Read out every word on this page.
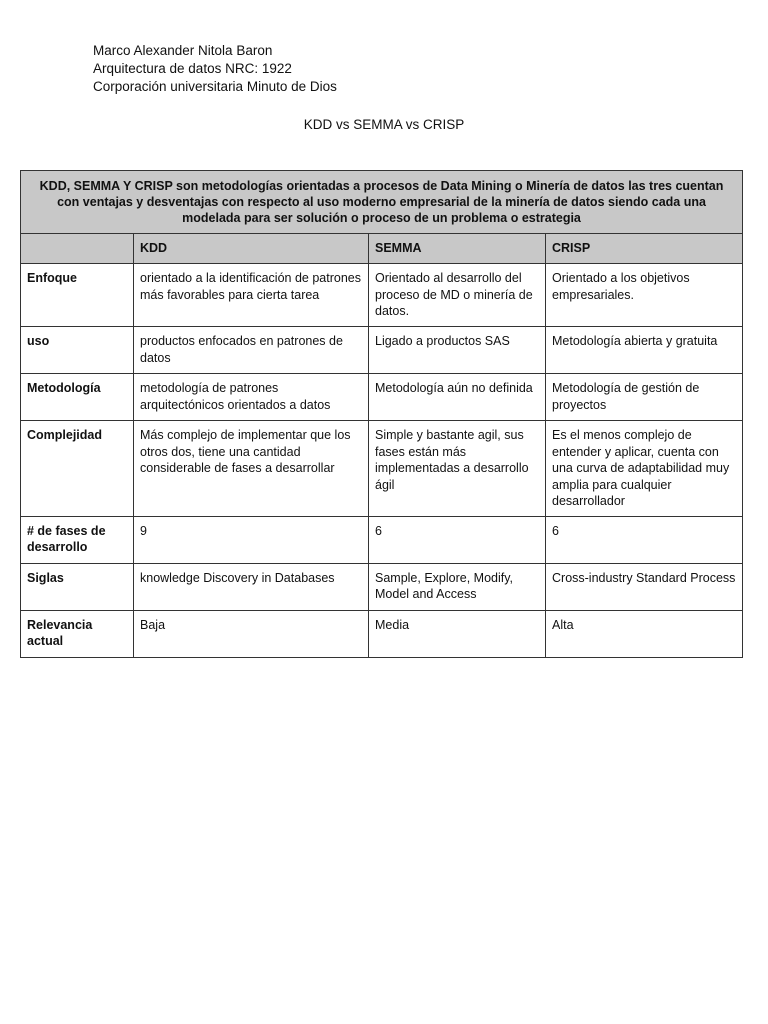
Marco Alexander Nitola Baron
Arquitectura de datos NRC: 1922
Corporación universitaria Minuto de Dios
KDD vs SEMMA vs CRISP
KDD, SEMMA Y CRISP son metodologías orientadas a procesos de Data Mining o Minería de datos las tres cuentan con ventajas y desventajas con respecto al uso moderno empresarial de la minería de datos siendo cada una modelada para ser solución o proceso de un problema o estrategia			
	KDD	SEMMA	CRISP
Enfoque	orientado a la identificación de patrones más favorables para cierta tarea	Orientado al desarrollo del proceso de MD o minería de datos.	Orientado a los objetivos empresariales.
uso	productos enfocados en patrones de datos	Ligado a productos SAS	Metodología abierta y gratuita
Metodología	metodología de patrones arquitectónicos orientados a datos	Metodología aún no definida	Metodología de gestión de proyectos
Complejidad	Más complejo de implementar que los otros dos, tiene una cantidad considerable de fases a desarrollar	Simple y bastante agil, sus fases están más implementadas a desarrollo ágil	Es el menos complejo de entender y aplicar, cuenta con una curva de adaptabilidad muy amplia para cualquier desarrollador
# de fases de desarrollo	9	6	6
Siglas	knowledge Discovery in Databases	Sample, Explore, Modify, Model and Access	Cross-industry Standard Process
Relevancia actual	Baja	Media	Alta
